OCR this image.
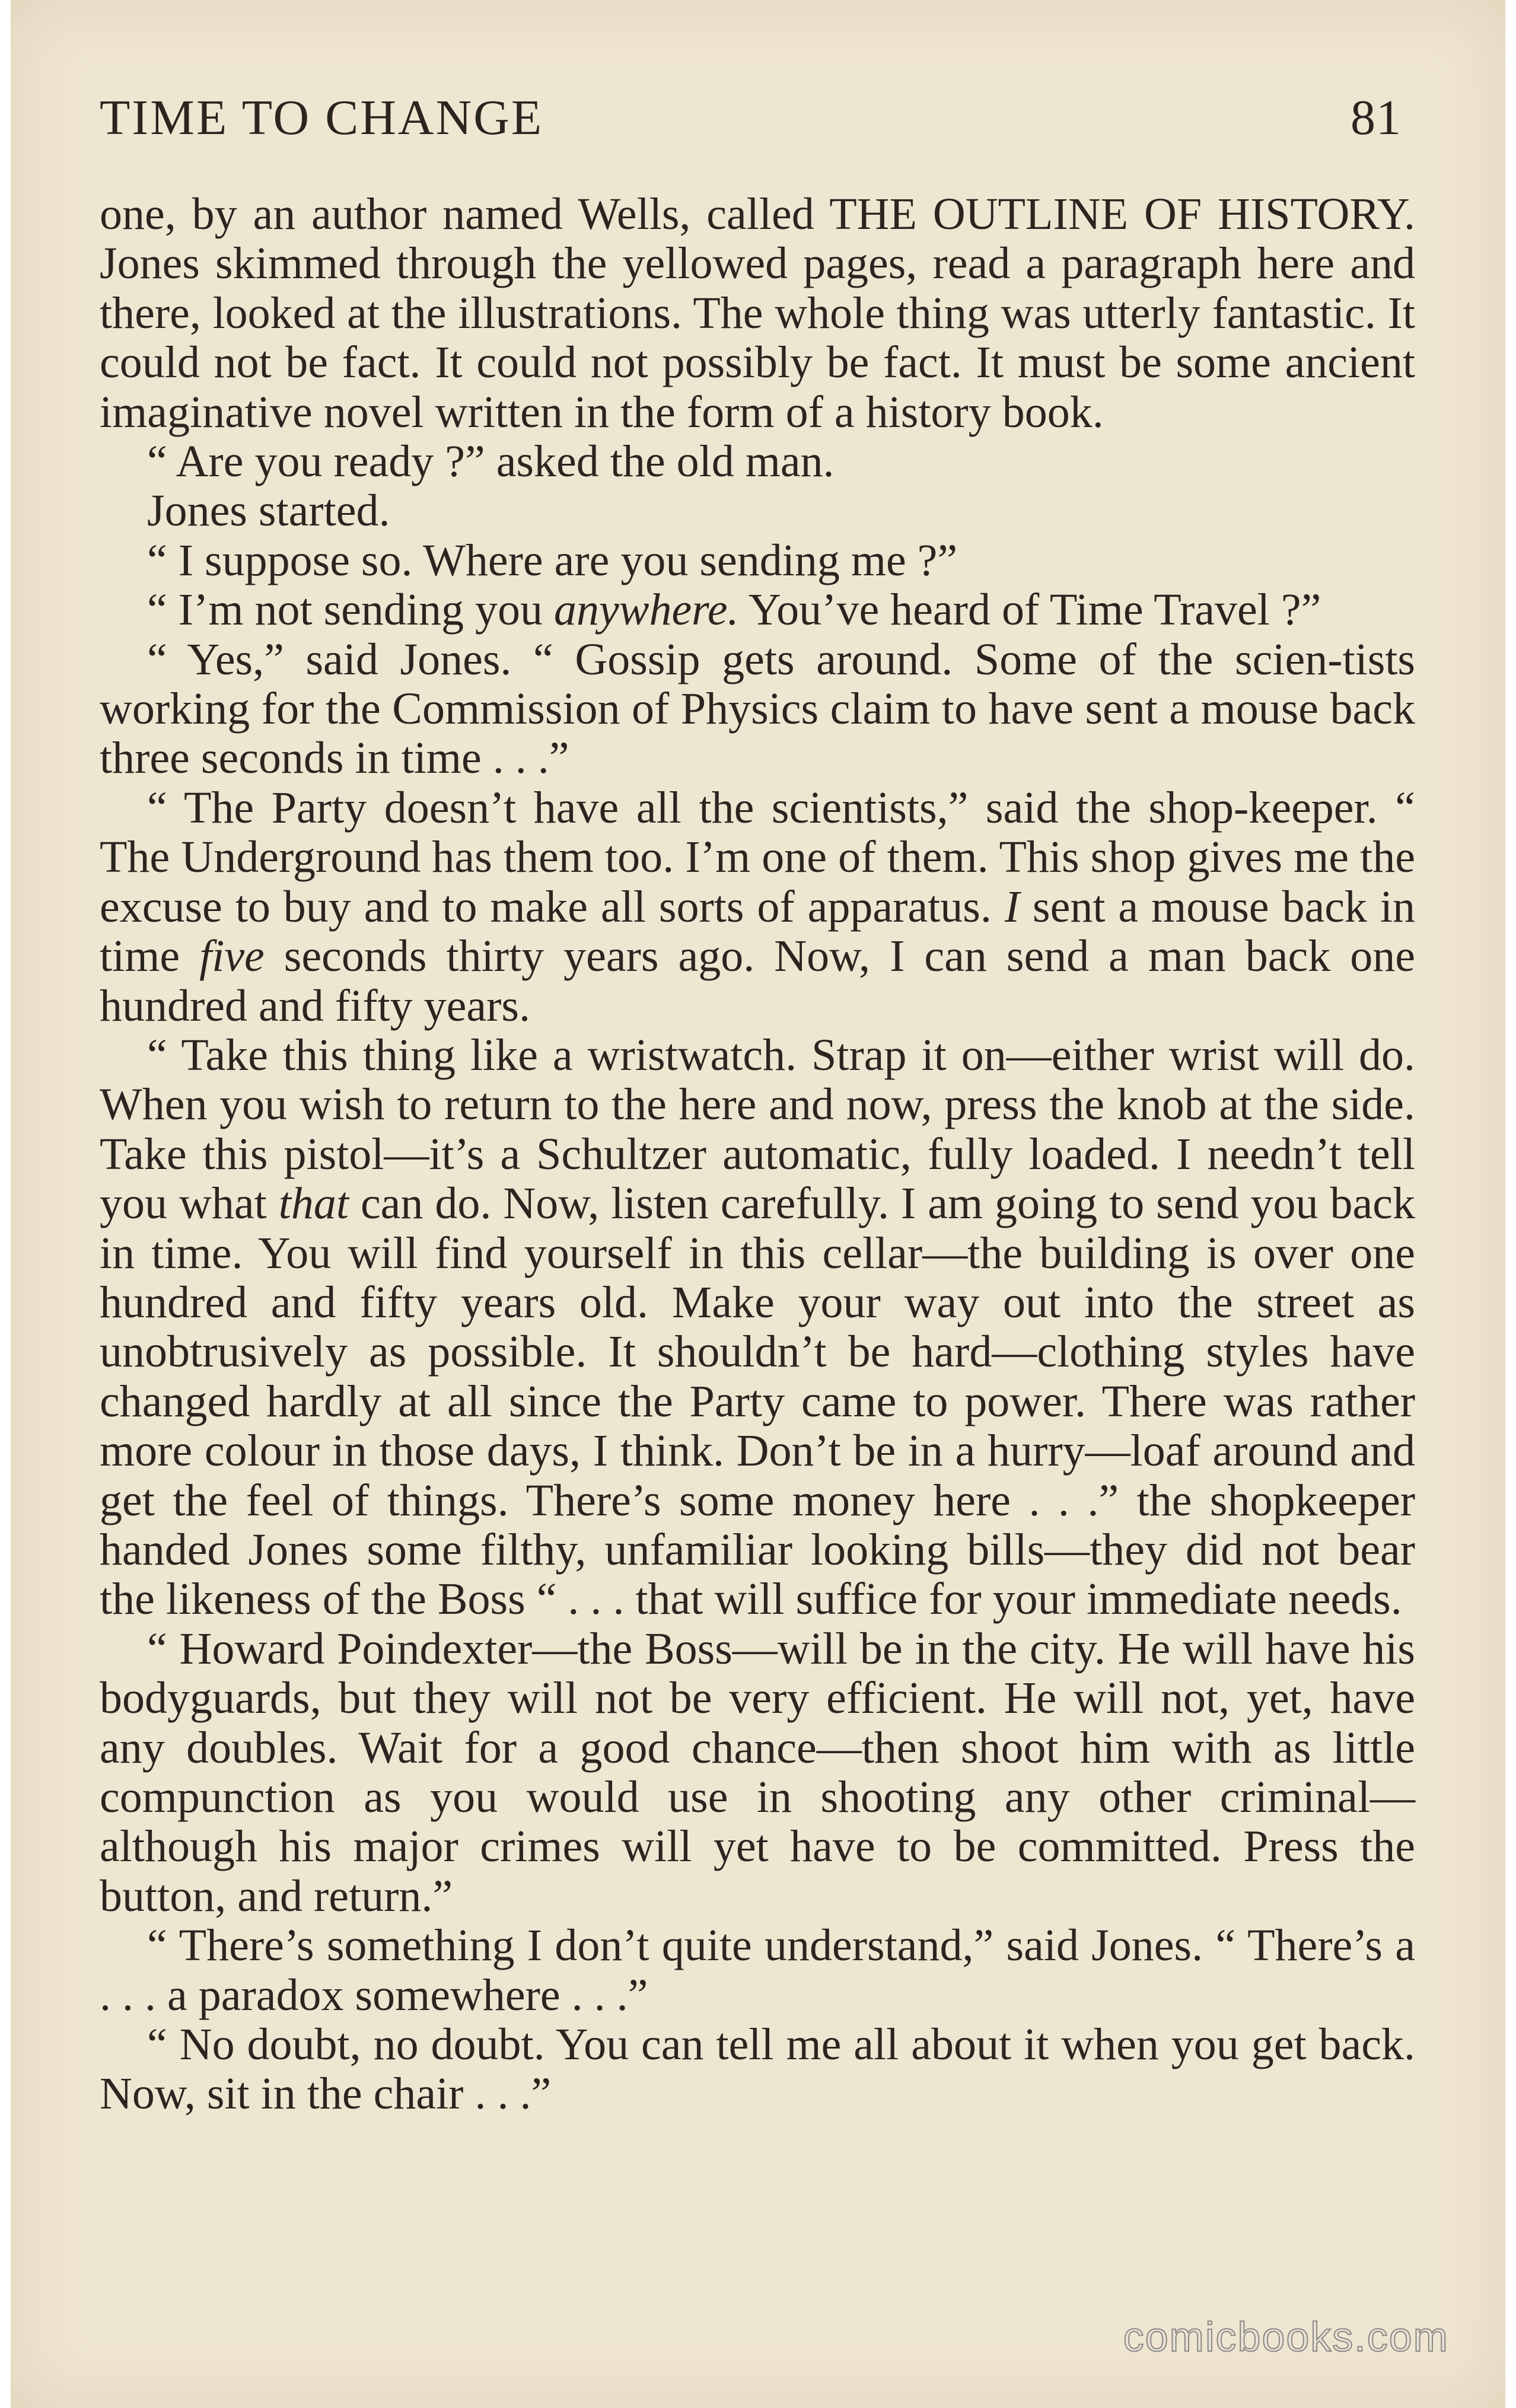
TIME TO CHANGE	81

one, by an author named Wells, called THE OUTLINE OF HISTORY. Jones skimmed through the yellowed pages, read a paragraph here and there, looked at the illustrations. The whole thing was utterly fantastic. It could not be fact. It could not possibly be fact. It must be some ancient imaginative novel written in the form of a history book.

“ Are you ready ?” asked the old man.

Jones started.

“ I suppose so. Where are you sending me ?”

“ I’m not sending you anywhere. You’ve heard of Time Travel ?”

“ Yes,” said Jones. “ Gossip gets around. Some of the scien-tists working for the Commission of Physics claim to have sent a mouse back three seconds in time . . .”

“ The Party doesn’t have all the scientists,” said the shop-keeper. “ The Underground has them too. I’m one of them. This shop gives me the excuse to buy and to make all sorts of apparatus. I sent a mouse back in time five seconds thirty years ago. Now, I can send a man back one hundred and fifty years.

“ Take this thing like a wristwatch. Strap it on—either wrist will do. When you wish to return to the here and now, press the knob at the side. Take this pistol—it’s a Schultzer automatic, fully loaded. I needn’t tell you what that can do. Now, listen carefully. I am going to send you back in time. You will find yourself in this cellar—the building is over one hundred and fifty years old. Make your way out into the street as unobtrusively as possible. It shouldn’t be hard—clothing styles have changed hardly at all since the Party came to power. There was rather more colour in those days, I think. Don’t be in a hurry—loaf around and get the feel of things. There’s some money here . . .” the shopkeeper handed Jones some filthy, unfamiliar looking bills—they did not bear the likeness of the Boss “ . . . that will suffice for your immediate needs.

“ Howard Poindexter—the Boss—will be in the city. He will have his bodyguards, but they will not be very efficient. He will not, yet, have any doubles. Wait for a good chance—then shoot him with as little compunction as you would use in shooting any other criminal—although his major crimes will yet have to be committed. Press the button, and return.”

“ There’s something I don’t quite understand,” said Jones. “ There’s a . . . a paradox somewhere . . .”

“ No doubt, no doubt. You can tell me all about it when you get back. Now, sit in the chair . . .”

comicbooks.com
